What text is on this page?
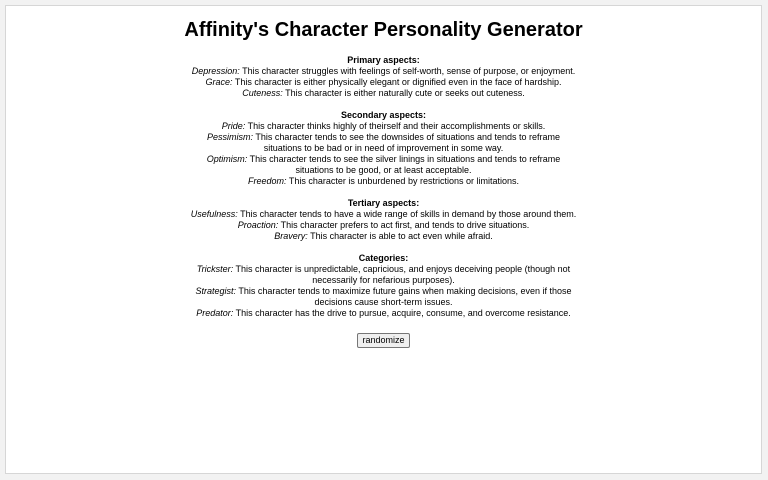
Affinity's Character Personality Generator
Primary aspects:

Depression: This character struggles with feelings of self-worth, sense of purpose, or enjoyment.

Grace: This character is either physically elegant or dignified even in the face of hardship.

Cuteness: This character is either naturally cute or seeks out cuteness.

Secondary aspects:

Pride: This character thinks highly of theirself and their accomplishments or skills.

Pessimism: This character tends to see the downsides of situations and tends to reframe situations to be bad or in need of improvement in some way.

Optimism: This character tends to see the silver linings in situations and tends to reframe situations to be good, or at least acceptable.

Freedom: This character is unburdened by restrictions or limitations.

Tertiary aspects:

Usefulness: This character tends to have a wide range of skills in demand by those around them.

Proaction: This character prefers to act first, and tends to drive situations.

Bravery: This character is able to act even while afraid.

Categories:

Trickster: This character is unpredictable, capricious, and enjoys deceiving people (though not necessarily for nefarious purposes).

Strategist: This character tends to maximize future gains when making decisions, even if those decisions cause short-term issues.

Predator: This character has the drive to pursue, acquire, consume, and overcome resistance.

randomize
